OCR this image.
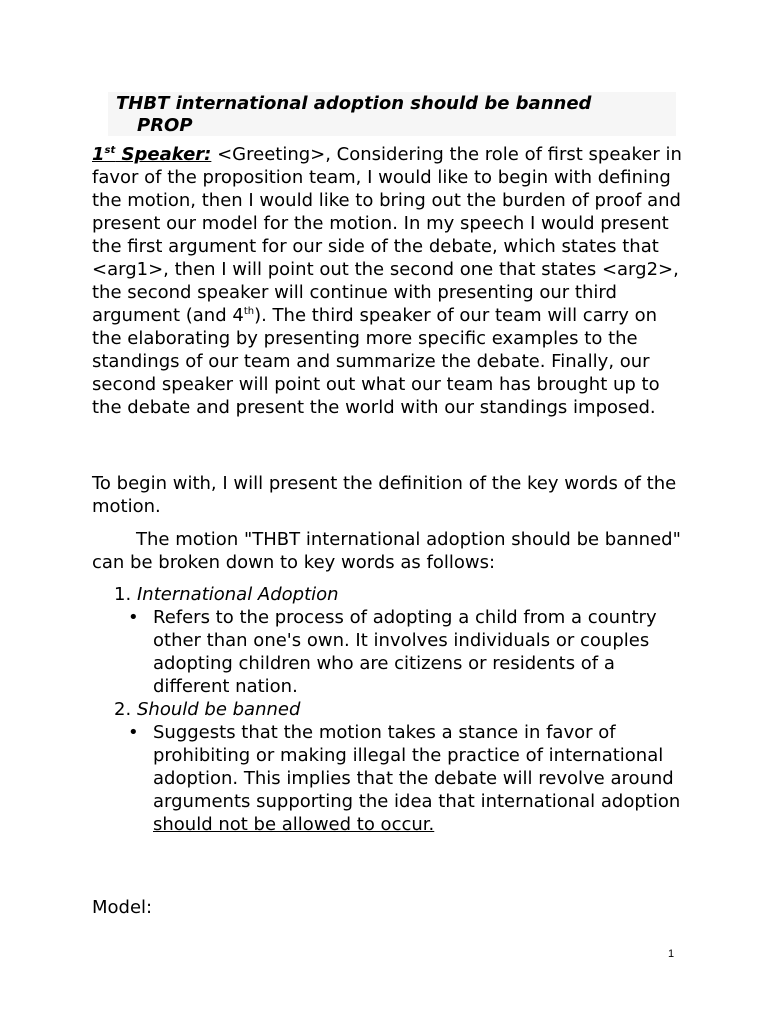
THBT international adoption should be banned
PROP
1st Speaker: <Greeting>, Considering the role of first speaker in favor of the proposition team, I would like to begin with defining the motion, then I would like to bring out the burden of proof and present our model for the motion. In my speech I would present the first argument for our side of the debate, which states that <arg1>, then I will point out the second one that states <arg2>, the second speaker will continue with presenting our third argument (and 4th). The third speaker of our team will carry on the elaborating by presenting more specific examples to the standings of our team and summarize the debate. Finally, our second speaker will point out what our team has brought up to the debate and present the world with our standings imposed.
To begin with, I will present the definition of the key words of the motion.
The motion "THBT international adoption should be banned" can be broken down to key words as follows:
1. International Adoption
• Refers to the process of adopting a child from a country other than one's own. It involves individuals or couples adopting children who are citizens or residents of a different nation.
2. Should be banned
• Suggests that the motion takes a stance in favor of prohibiting or making illegal the practice of international adoption. This implies that the debate will revolve around arguments supporting the idea that international adoption should not be allowed to occur.
Model:
1
